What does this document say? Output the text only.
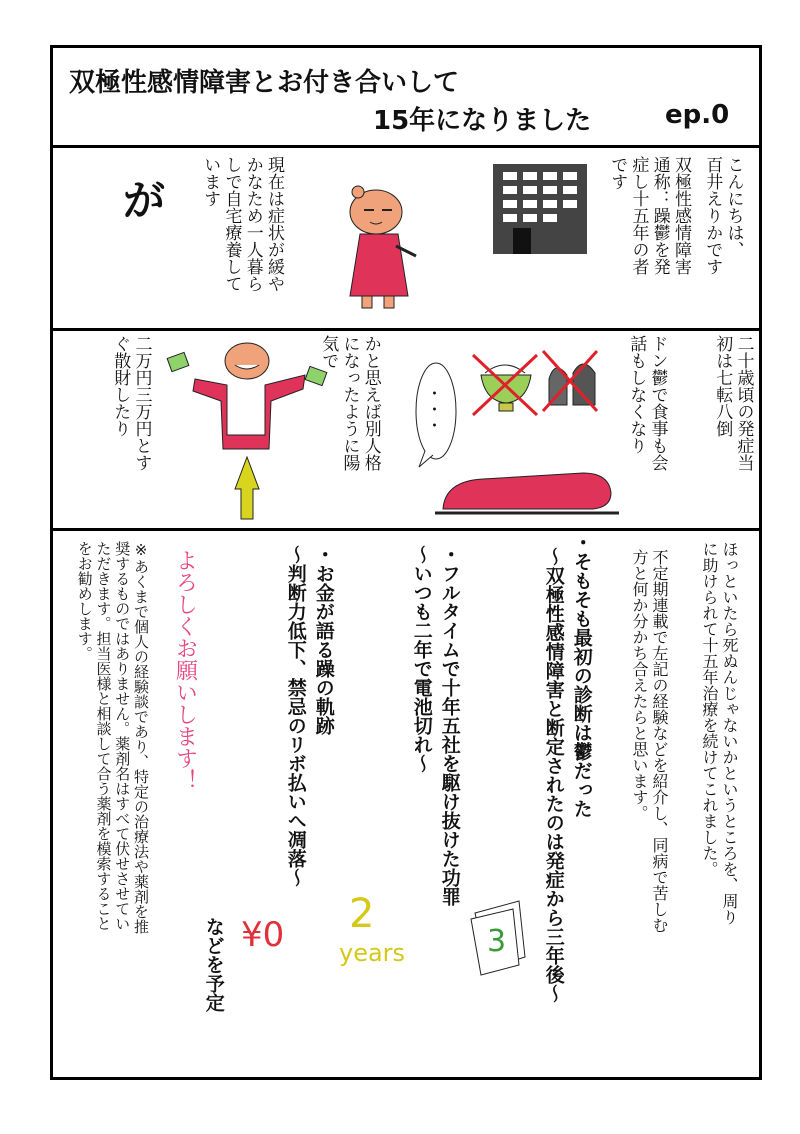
双極性感情障害とお付き合いして
15年になりました	ep.0
こんにちは、
百井えりかです
双極性感情障害
通称：躁鬱を発
症し十五年の者
です
が	現在は症状が緩や
かなため一人暮ら
しで自宅療養して
います
二十歳頃の発症当
初は七転八倒
ドン鬱で食事も会
話もしなくなり
・・・
かと思えば別人格
になったように陽
気で
二万円三万円とす
ぐ散財したり
ほっといたら死ぬんじゃないかというところを、周り
に助けられて十五年治療を続けてこれました。
不定期連載で左記の経験などを紹介し、同病で苦しむ
方と何か分かち合えたらと思います。
・そもそも最初の診断は鬱だった
〜双極性感情障害と断定されたのは発症から三年後〜
3
・フルタイムで十年五社を駆け抜けた功罪
〜いつも二年で電池切れ〜
2
years
・お金が語る躁の軌跡
〜判断力低下、禁忌のリボ払いへ凋落〜
¥0
などを予定
よろしくお願いします！
※あくまで個人の経験談であり、特定の治療法や薬剤を推
奨するものではありません。薬剤名はすべて伏せさせてい
ただきます。担当医様と相談して合う薬剤を模索すること
をお勧めします。
